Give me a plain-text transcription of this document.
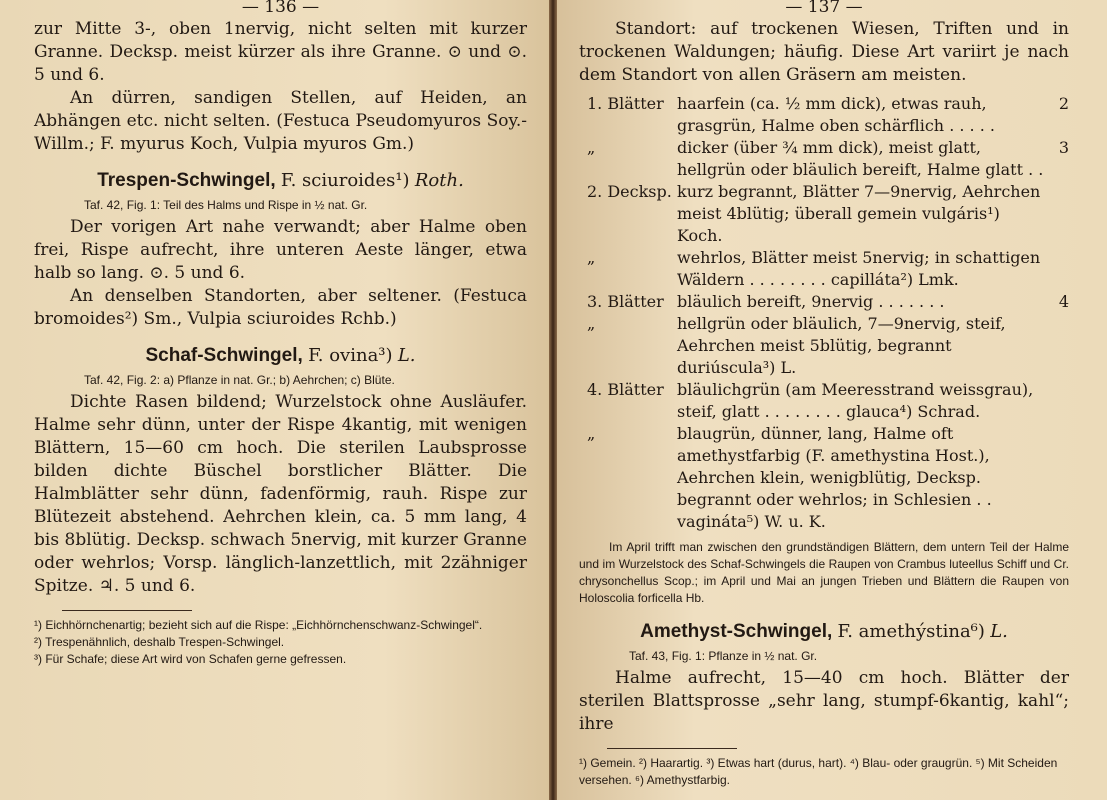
— 136 —

zur Mitte 3-, oben 1nervig, nicht selten mit kurzer Granne. Decksp. meist kürzer als ihre Granne. ⊙ und ⊙. 5 und 6.

An dürren, sandigen Stellen, auf Heiden, an Abhängen etc. nicht selten. (Festuca Pseudomyuros Soy.-Willm.; F. myurus Koch, Vulpia myuros Gm.)

Trespen-Schwingel, F. sciuroides¹) Roth.
Taf. 42, Fig. 1: Teil des Halms und Rispe in ½ nat. Gr.

Der vorigen Art nahe verwandt; aber Halme oben frei, Rispe aufrecht, ihre unteren Aeste länger, etwa halb so lang. ⊙. 5 und 6.

An denselben Standorten, aber seltener. (Festuca bromoides²) Sm., Vulpia sciuroides Rchb.)

Schaf-Schwingel, F. ovina³) L.
Taf. 42, Fig. 2: a) Pflanze in nat. Gr.; b) Aehrchen; c) Blüte.

Dichte Rasen bildend; Wurzelstock ohne Ausläufer. Halme sehr dünn, unter der Rispe 4kantig, mit wenigen Blättern, 15—60 cm hoch. Die sterilen Laubsprosse bilden dichte Büschel borstlicher Blätter. Die Halmblätter sehr dünn, fadenförmig, rauh. Rispe zur Blütezeit abstehend. Aehrchen klein, ca. 5 mm lang, 4 bis 8blütig. Decksp. schwach 5nervig, mit kurzer Granne oder wehrlos; Vorsp. länglich-lanzettlich, mit 2zähniger Spitze. ♃. 5 und 6.

¹) Eichhörnchenartig; bezieht sich auf die Rispe: „Eichhörnchenschwanz-Schwingel“.

²) Trespenähnlich, deshalb Trespen-Schwingel.

³) Für Schafe; diese Art wird von Schafen gerne gefressen.

— 137 —

Standort: auf trockenen Wiesen, Triften und in trockenen Waldungen; häufig. Diese Art variirt je nach dem Standort von allen Gräsern am meisten.

1. Blätter	haarfein (ca. ½ mm dick), etwas rauh, grasgrün, Halme oben schärflich . . . . .	2
„	dicker (über ¾ mm dick), meist glatt, hellgrün oder bläulich bereift, Halme glatt . .	3
2. Decksp.	kurz begrannt, Blätter 7—9nervig, Aehrchen meist 4blütig; überall gemein vulgáris¹) Koch.	
„	wehrlos, Blätter meist 5nervig; in schattigen Wäldern . . . . . . . . capilláta²) Lmk.	
3. Blätter	bläulich bereift, 9nervig . . . . . . .	4
„	hellgrün oder bläulich, 7—9nervig, steif, Aehrchen meist 5blütig, begrannt duriúscula³) L.	
4. Blätter	bläulichgrün (am Meeresstrand weissgrau), steif, glatt . . . . . . . . glauca⁴) Schrad.	
„	blaugrün, dünner, lang, Halme oft amethystfarbig (F. amethystina Host.), Aehrchen klein, wenigblütig, Decksp. begrannt oder wehrlos; in Schlesien . . vagináta⁵) W. u. K.	

Im April trifft man zwischen den grundständigen Blättern, dem untern Teil der Halme und im Wurzelstock des Schaf-Schwingels die Raupen von Crambus luteellus Schiff und Cr. chrysonchellus Scop.; im April und Mai an jungen Trieben und Blättern die Raupen von Holoscolia forficella Hb.

Amethyst-Schwingel, F. amethýstina⁶) L.
Taf. 43, Fig. 1: Pflanze in ½ nat. Gr.

Halme aufrecht, 15—40 cm hoch. Blätter der sterilen Blattsprosse „sehr lang, stumpf-6kantig, kahl“; ihre

¹) Gemein. ²) Haarartig. ³) Etwas hart (durus, hart). ⁴) Blau- oder graugrün. ⁵) Mit Scheiden versehen. ⁶) Amethystfarbig.
